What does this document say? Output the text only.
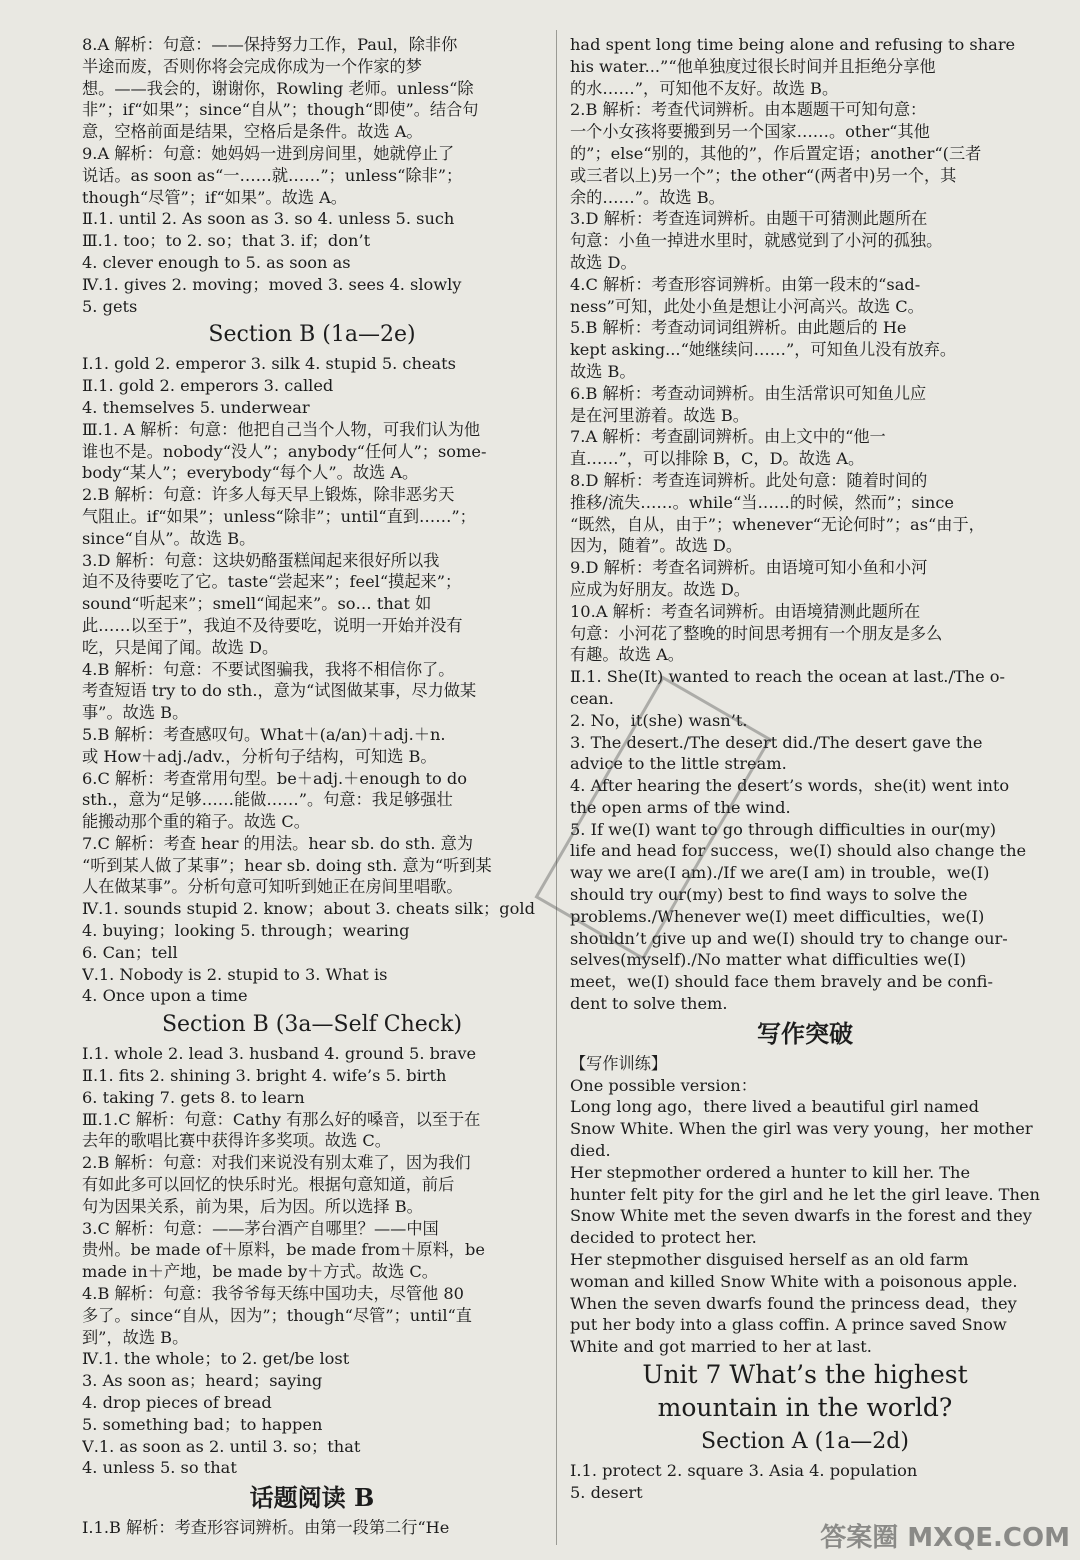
8.A 解析：句意：——保持努力工作，Paul，除非你
半途而废，否则你将会完成你成为一个作家的梦
想。——我会的，谢谢你，Rowling 老师。unless“除
非”；if“如果”；since“自从”；though“即使”。结合句
意，空格前面是结果，空格后是条件。故选 A。
9.A 解析：句意：她妈妈一进到房间里，她就停止了
说话。as soon as“一……就……”；unless“除非”；
though“尽管”；if“如果”。故选 A。
Ⅱ.1. until 2. As soon as 3. so 4. unless 5. such
Ⅲ.1. too；to 2. so；that 3. if；don’t
4. clever enough to 5. as soon as
Ⅳ.1. gives 2. moving；moved 3. sees 4. slowly
5. gets
Section B (1a—2e)
Ⅰ.1. gold 2. emperor 3. silk 4. stupid 5. cheats
Ⅱ.1. gold 2. emperors 3. called
4. themselves 5. underwear
Ⅲ.1. A 解析：句意：他把自己当个人物，可我们认为他
谁也不是。nobody“没人”；anybody“任何人”；some-
body“某人”；everybody“每个人”。故选 A。
2.B 解析：句意：许多人每天早上锻炼，除非恶劣天
气阻止。if“如果”；unless“除非”；until“直到……”；
since“自从”。故选 B。
3.D 解析：句意：这块奶酪蛋糕闻起来很好所以我
迫不及待要吃了它。taste“尝起来”；feel“摸起来”；
sound“听起来”；smell“闻起来”。so… that 如
此……以至于”，我迫不及待要吃，说明一开始并没有
吃，只是闻了闻。故选 D。
4.B 解析：句意：不要试图骗我，我将不相信你了。
考查短语 try to do sth.，意为“试图做某事，尽力做某
事”。故选 B。
5.B 解析：考查感叹句。What＋(a/an)＋adj.＋n.
或 How＋adj./adv.，分析句子结构，可知选 B。
6.C 解析：考查常用句型。be＋adj.＋enough to do
sth.，意为“足够……能做……”。句意：我足够强壮
能搬动那个重的箱子。故选 C。
7.C 解析：考查 hear 的用法。hear sb. do sth. 意为
“听到某人做了某事”；hear sb. doing sth. 意为“听到某
人在做某事”。分析句意可知听到她正在房间里唱歌。
Ⅳ.1. sounds stupid 2. know；about 3. cheats silk；gold
4. buying；looking 5. through；wearing
6. Can；tell
Ⅴ.1. Nobody is 2. stupid to 3. What is
4. Once upon a time
Section B (3a—Self Check)
Ⅰ.1. whole 2. lead 3. husband 4. ground 5. brave
Ⅱ.1. fits 2. shining 3. bright 4. wife’s 5. birth
6. taking 7. gets 8. to learn
Ⅲ.1.C 解析：句意：Cathy 有那么好的嗓音，以至于在
去年的歌唱比赛中获得许多奖项。故选 C。
2.B 解析：句意：对我们来说没有别太难了，因为我们
有如此多可以回忆的快乐时光。根据句意知道，前后
句为因果关系，前为果，后为因。所以选择 B。
3.C 解析：句意：——茅台酒产自哪里？——中国
贵州。be made of＋原料，be made from＋原料，be
made in＋产地，be made by＋方式。故选 C。
4.B 解析：句意：我爷爷每天练中国功夫，尽管他 80
多了。since“自从，因为”；though“尽管”；until“直
到”，故选 B。
Ⅳ.1. the whole；to 2. get/be lost
3. As soon as；heard；saying
4. drop pieces of bread
5. something bad；to happen
Ⅴ.1. as soon as 2. until 3. so；that
4. unless 5. so that
话题阅读 B
Ⅰ.1.B 解析：考查形容词辨析。由第一段第二行“He
had spent long time being alone and refusing to share
his water...”“他单独度过很长时间并且拒绝分享他
的水……”，可知他不友好。故选 B。
2.B 解析：考查代词辨析。由本题题干可知句意：
一个小女孩将要搬到另一个国家……。other“其他
的”；else“别的，其他的”，作后置定语；another“(三者
或三者以上)另一个”；the other“(两者中)另一个，其
余的……”。故选 B。
3.D 解析：考查连词辨析。由题干可猜测此题所在
句意：小鱼一掉进水里时，就感觉到了小河的孤独。
故选 D。
4.C 解析：考查形容词辨析。由第一段末的“sad-
ness”可知，此处小鱼是想让小河高兴。故选 C。
5.B 解析：考查动词词组辨析。由此题后的 He
kept asking...“她继续问……”，可知鱼儿没有放弃。
故选 B。
6.B 解析：考查动词辨析。由生活常识可知鱼儿应
是在河里游着。故选 B。
7.A 解析：考查副词辨析。由上文中的“他一
直……”，可以排除 B，C，D。故选 A。
8.D 解析：考查连词辨析。此处句意：随着时间的
推移/流失……。while“当……的时候，然而”；since
“既然，自从，由于”；whenever“无论何时”；as“由于，
因为，随着”。故选 D。
9.D 解析：考查名词辨析。由语境可知小鱼和小河
应成为好朋友。故选 D。
10.A 解析：考查名词辨析。由语境猜测此题所在
句意：小河花了整晚的时间思考拥有一个朋友是多么
有趣。故选 A。
Ⅱ.1. She(It) wanted to reach the ocean at last./The o-
cean.
2. No，it(she) wasn’t.
3. The desert./The desert did./The desert gave the
advice to the little stream.
4. After hearing the desert’s words，she(it) went into
the open arms of the wind.
5. If we(I) want to go through difficulties in our(my)
life and head for success，we(I) should also change the
way we are(I am)./If we are(I am) in trouble，we(I)
should try our(my) best to find ways to solve the
problems./Whenever we(I) meet difficulties，we(I)
shouldn’t give up and we(I) should try to change our-
selves(myself)./No matter what difficulties we(I)
meet，we(I) should face them bravely and be confi-
dent to solve them.
写作突破
【写作训练】
One possible version：
Long long ago，there lived a beautiful girl named
Snow White. When the girl was very young，her mother
died.
Her stepmother ordered a hunter to kill her. The
hunter felt pity for the girl and he let the girl leave. Then
Snow White met the seven dwarfs in the forest and they
decided to protect her.
Her stepmother disguised herself as an old farm
woman and killed Snow White with a poisonous apple.
When the seven dwarfs found the princess dead，they
put her body into a glass coffin. A prince saved Snow
White and got married to her at last.
Unit 7 What’s the highest
mountain in the world?
Section A (1a—2d)
Ⅰ.1. protect 2. square 3. Asia 4. population
5. desert
答案圈 MXQE.COM
